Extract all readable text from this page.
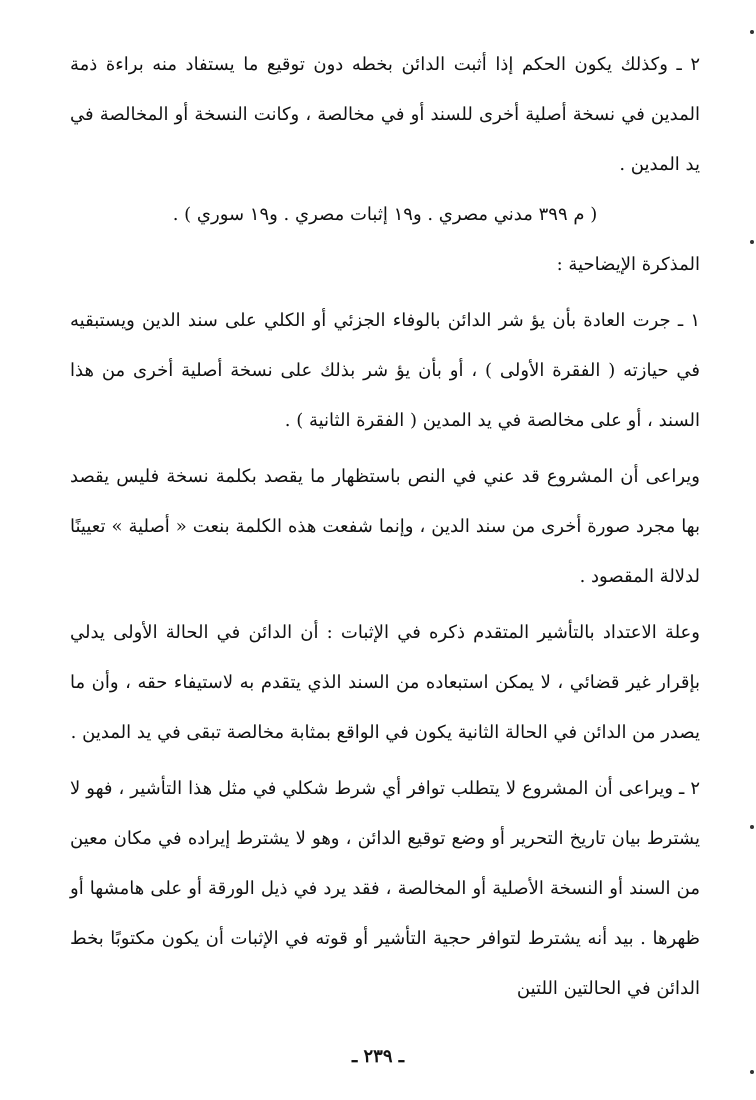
٢ ـ وكذلك يكون الحكم إذا أثبت الدائن بخطه دون توقيع ما يستفاد منه براءة ذمة المدين في نسخة أصلية أخرى للسند أو في مخالصة ، وكانت النسخة أو المخالصة في يد المدين .

( م ٣٩٩ مدني مصري . و١٩ إثبات مصري . و١٩ سوري ) .

المذكرة الإيضاحية :

١ ـ جرت العادة بأن يؤ شر الدائن بالوفاء الجزئي أو الكلي على سند الدين ويستبقيه في حيازته ( الفقرة الأولى ) ، أو بأن يؤ شر بذلك على نسخة أصلية أخرى من هذا السند ، أو على مخالصة في يد المدين ( الفقرة الثانية ) .

ويراعى أن المشروع قد عني في النص باستظهار ما يقصد بكلمة نسخة فليس يقصد بها مجرد صورة أخرى من سند الدين ، وإنما شفعت هذه الكلمة بنعت « أصلية » تعيينًا لدلالة المقصود .

وعلة الاعتداد بالتأشير المتقدم ذكره في الإثبات : أن الدائن في الحالة الأولى يدلي بإقرار غير قضائي ، لا يمكن استبعاده من السند الذي يتقدم به لاستيفاء حقه ، وأن ما يصدر من الدائن في الحالة الثانية يكون في الواقع بمثابة مخالصة تبقى في يد المدين .

٢ ـ ويراعى أن المشروع لا يتطلب توافر أي شرط شكلي في مثل هذا التأشير ، فهو لا يشترط بيان تاريخ التحرير أو وضع توقيع الدائن ، وهو لا يشترط إيراده في مكان معين من السند أو النسخة الأصلية أو المخالصة ، فقد يرد في ذيل الورقة أو على هامشها أو ظهرها . بيد أنه يشترط لتوافر حجية التأشير أو قوته في الإثبات أن يكون مكتوبًا بخط الدائن في الحالتين اللتين

ـ ٢٣٩ ـ
